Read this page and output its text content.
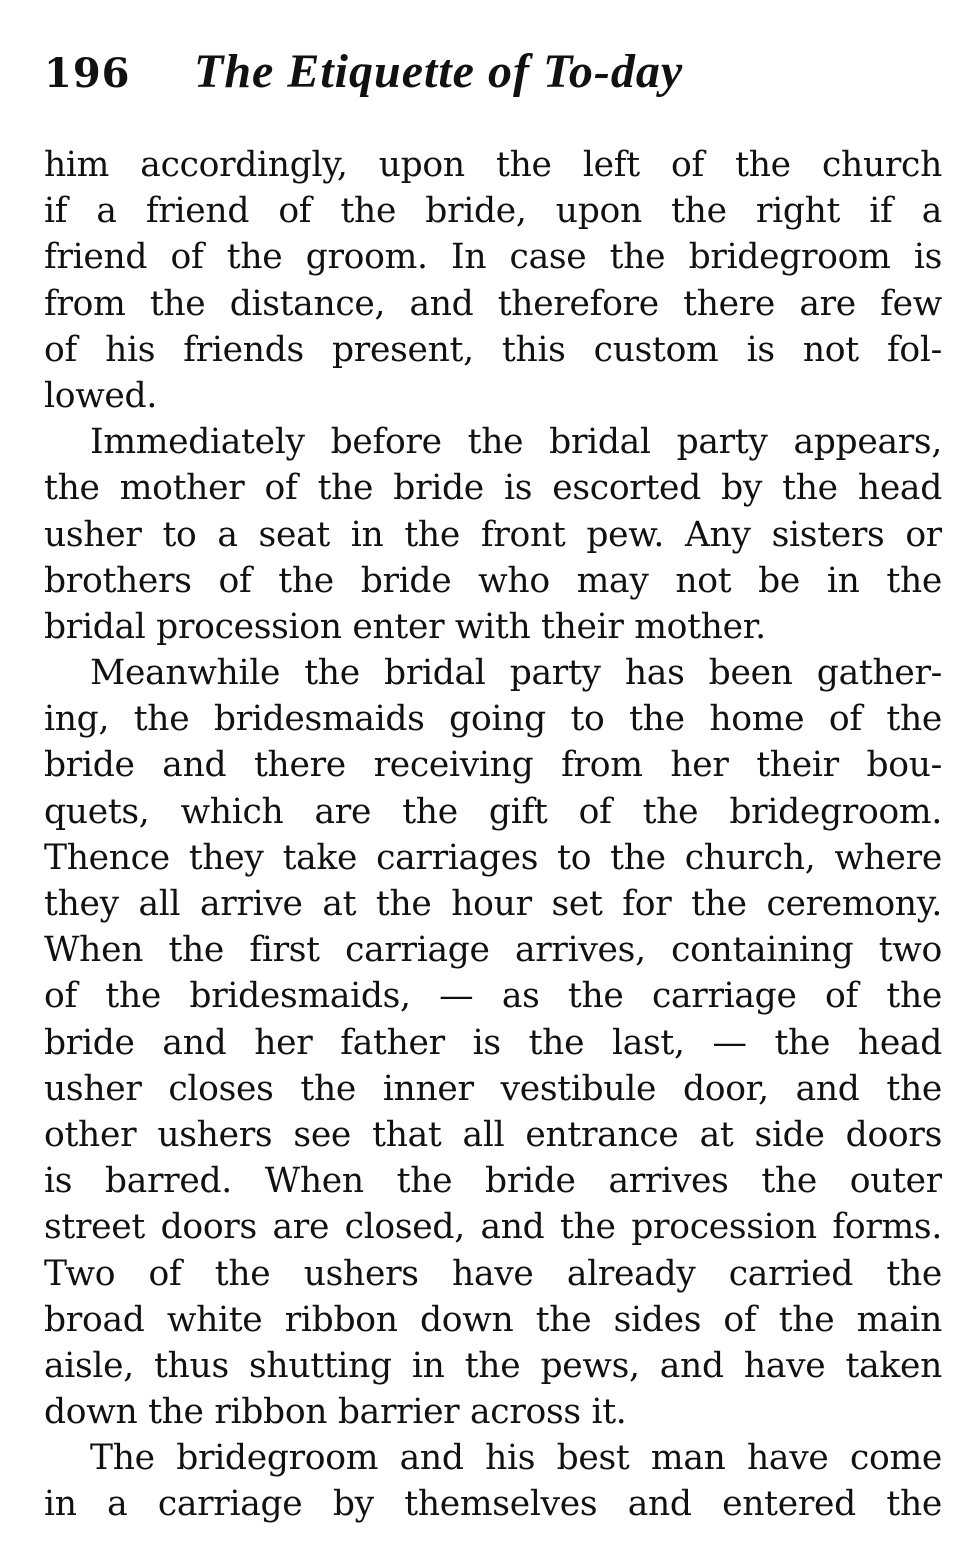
196	The Etiquette of To-day
him accordingly, upon the left of the church
if a friend of the bride, upon the right if a
friend of the groom. In case the bridegroom is
from the distance, and therefore there are few
of his friends present, this custom is not fol-
lowed.
Immediately before the bridal party appears,
the mother of the bride is escorted by the head
usher to a seat in the front pew. Any sisters or
brothers of the bride who may not be in the
bridal procession enter with their mother.
Meanwhile the bridal party has been gather-
ing, the bridesmaids going to the home of the
bride and there receiving from her their bou-
quets, which are the gift of the bridegroom.
Thence they take carriages to the church, where
they all arrive at the hour set for the ceremony.
When the first carriage arrives, containing two
of the bridesmaids, — as the carriage of the
bride and her father is the last, — the head
usher closes the inner vestibule door, and the
other ushers see that all entrance at side doors
is barred. When the bride arrives the outer
street doors are closed, and the procession forms.
Two of the ushers have already carried the
broad white ribbon down the sides of the main
aisle, thus shutting in the pews, and have taken
down the ribbon barrier across it.
The bridegroom and his best man have come
in a carriage by themselves and entered the
